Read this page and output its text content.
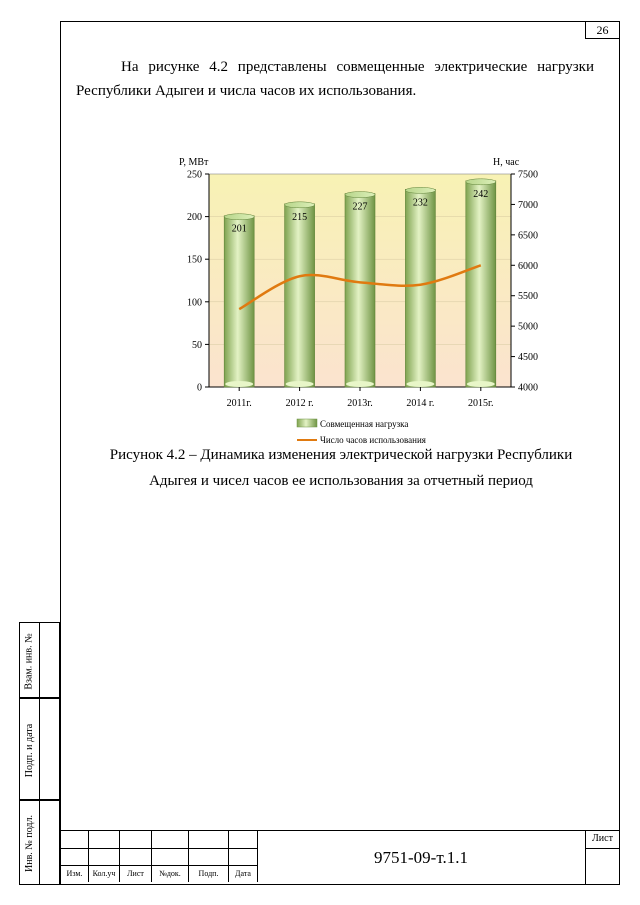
26
На рисунке 4.2 представлены совмещенные электрические нагрузки Республики Адыгеи и числа часов их использования.
P, МВт	H, час
0
50
100
150
200
250
4000
4500
5000
5500
6000
6500
7000
7500
201
215
227	232
242
2011г.	2012 г.	2013г.	2014 г.	2015г.
Совмещенная нагрузка
Число часов использования
Рисунок 4.2 – Динамика изменения электрической нагрузки Республики
Адыгея и чисел часов ее использования за отчетный период

Изм.	Кол.уч	Лист	№док.	Подп.	Дата
9751-09-т.1.1
Лист
Взам. инв. №
Подп. и дата
Инв. № подл.
